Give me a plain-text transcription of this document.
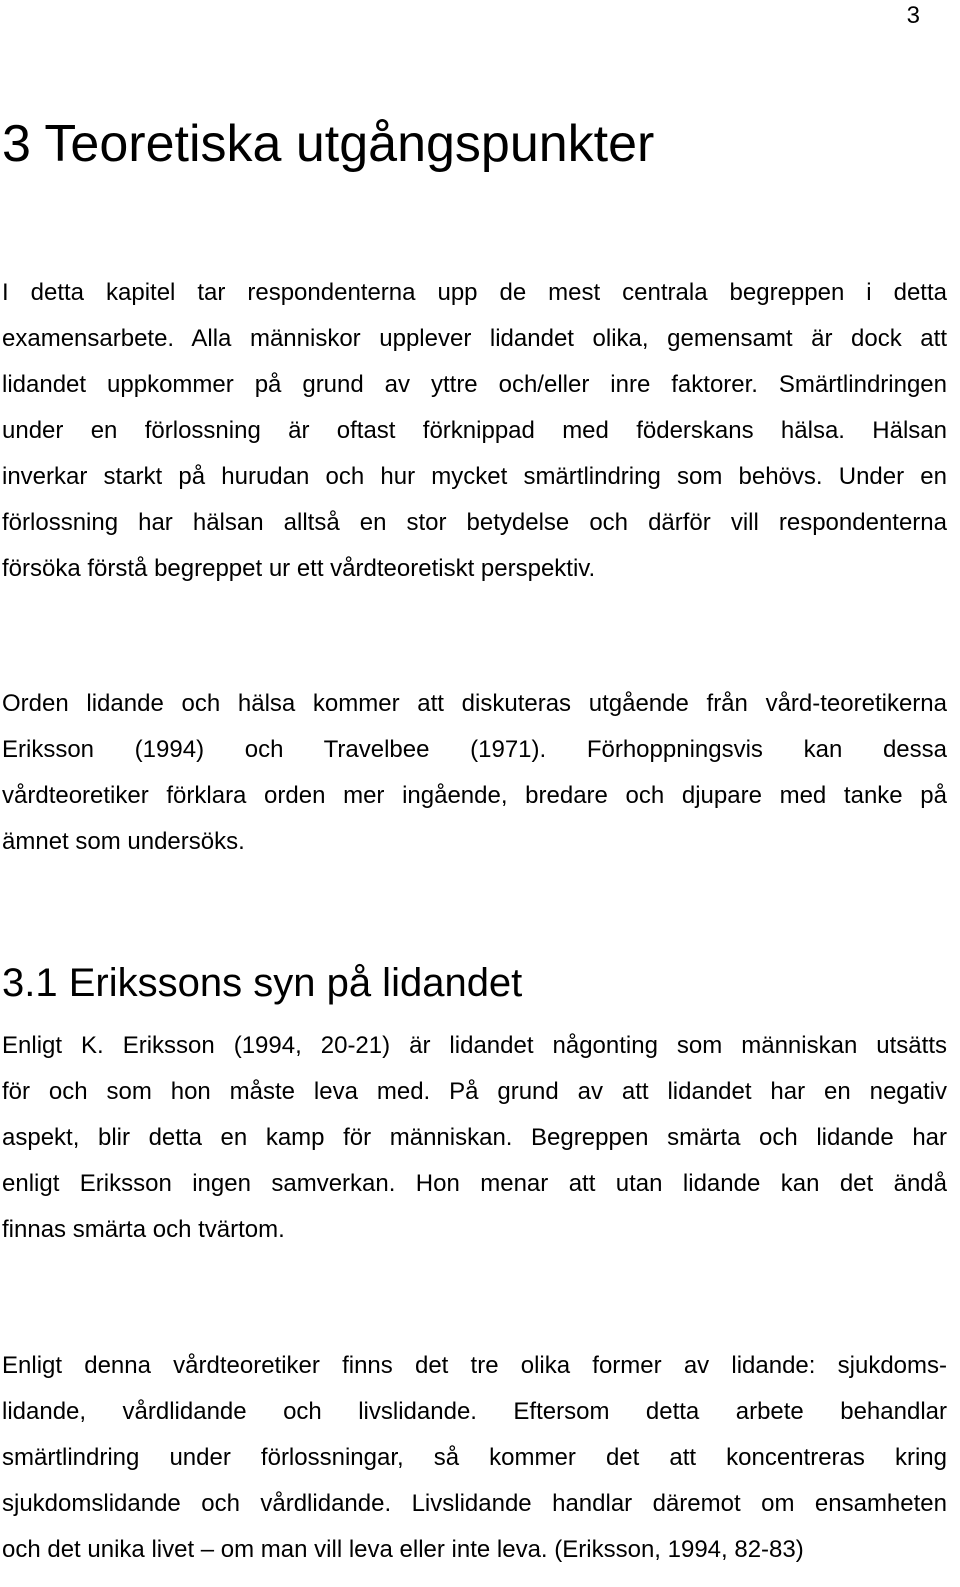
3
3 Teoretiska utgångspunkter
I detta kapitel tar respondenterna upp de mest centrala begreppen i detta
examensarbete. Alla människor upplever lidandet olika, gemensamt är dock att
lidandet uppkommer på grund av yttre och/eller inre faktorer. Smärtlindringen
under en förlossning är oftast förknippad med föderskans hälsa. Hälsan
inverkar starkt på hurudan och hur mycket smärtlindring som behövs. Under en
förlossning har hälsan alltså en stor betydelse och därför vill respondenterna
försöka förstå begreppet ur ett vårdteoretiskt perspektiv.
Orden lidande och hälsa kommer att diskuteras utgående från vård-teoretikerna
Eriksson (1994) och Travelbee (1971). Förhoppningsvis kan dessa
vårdteoretiker förklara orden mer ingående, bredare och djupare med tanke på
ämnet som undersöks.
3.1 Erikssons syn på lidandet
Enligt K. Eriksson (1994, 20-21) är lidandet någonting som människan utsätts
för och som hon måste leva med. På grund av att lidandet har en negativ
aspekt, blir detta en kamp för människan. Begreppen smärta och lidande har
enligt Eriksson ingen samverkan. Hon menar att utan lidande kan det ändå
finnas smärta och tvärtom.
Enligt denna vårdteoretiker finns det tre olika former av lidande: sjukdoms-
lidande, vårdlidande och livslidande. Eftersom detta arbete behandlar
smärtlindring under förlossningar, så kommer det att koncentreras kring
sjukdomslidande och vårdlidande. Livslidande handlar däremot om ensamheten
och det unika livet – om man vill leva eller inte leva. (Eriksson, 1994, 82-83)
